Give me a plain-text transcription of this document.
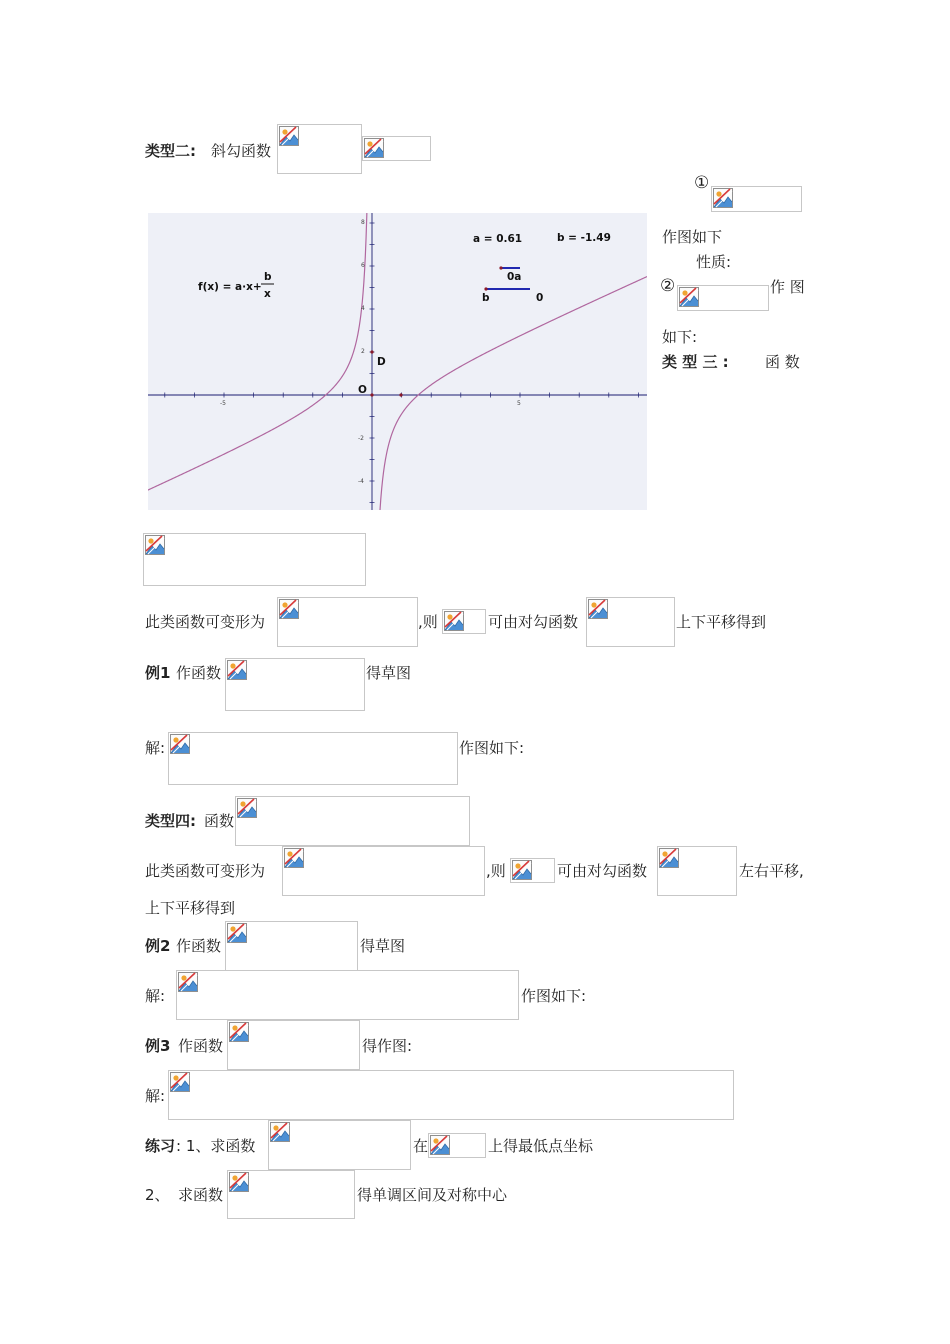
类型二: 斜勾函数
①
作图如下
性质:
②	作 图
如下:
类 型 三 : 函 数
f(x) = a·x+
b
x
a = 0.61	b = -1.49
0a
b	0
D
O
-5	5
8
6
4
2
-2
-4
此类函数可变形为	,则	可由对勾函数	上下平移得到
例1 作函数	得草图
解:	作图如下:
类型四: 函数
此类函数可变形为	,则	可由对勾函数	左右平移,
上下平移得到
例2 作函数	得草图
解:	作图如下:
例3 作函数	得作图:
解:
练习 : 1、求函数	在	上得最低点坐标
2、 求函数	得单调区间及对称中心
